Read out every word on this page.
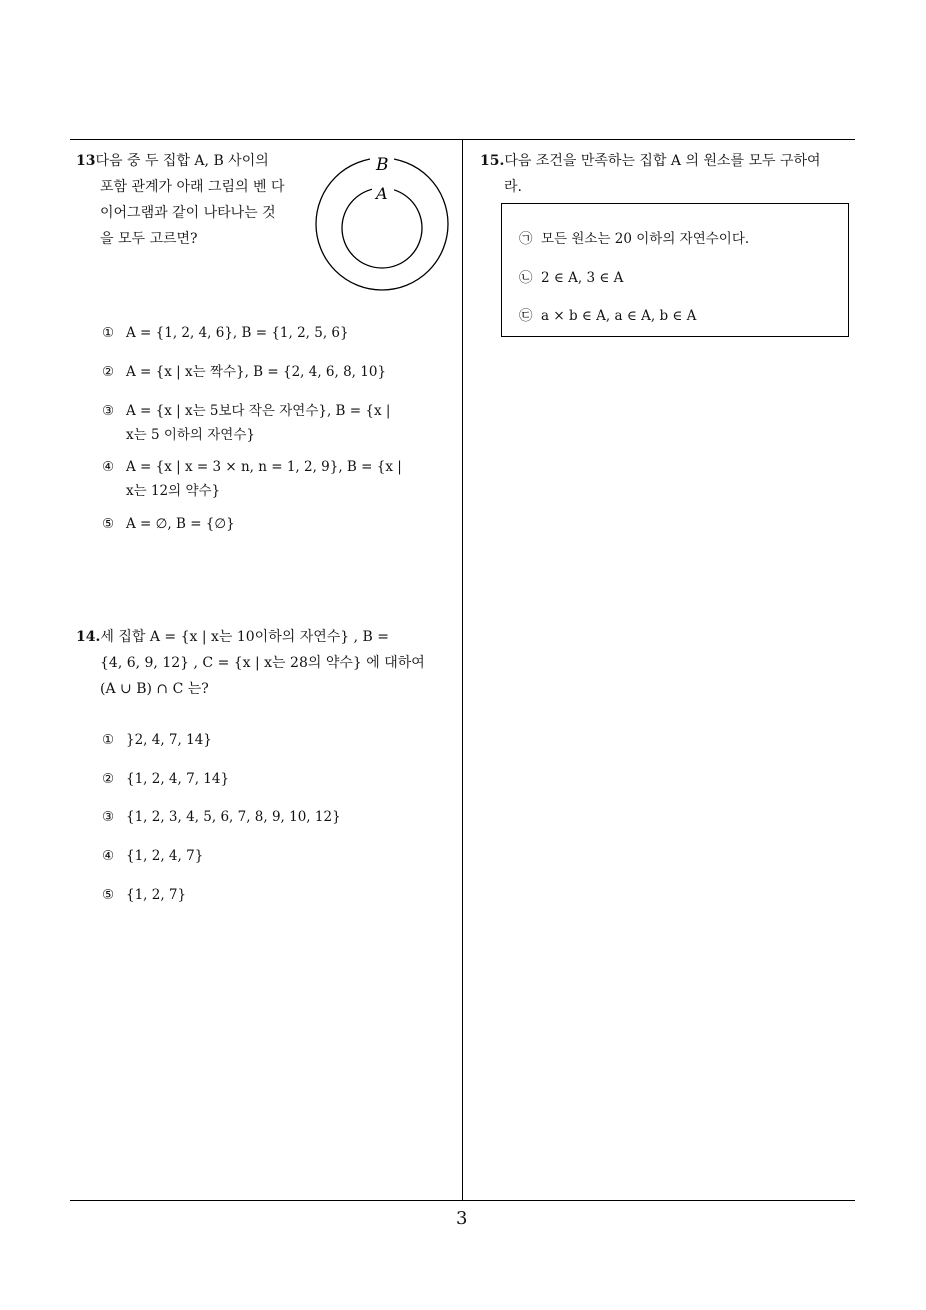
13다음 중 두 집합 A, B 사이의
포함 관계가 아래 그림의 벤 다
이어그램과 같이 나타나는 것
을 모두 고르면?
B
A
① A = {1, 2, 4, 6}, B = {1, 2, 5, 6}
② A = {x | x는 짝수}, B = {2, 4, 6, 8, 10}
③ A = {x | x는 5보다 작은 자연수}, B = {x |
x는 5 이하의 자연수}
④ A = {x | x = 3 × n, n = 1, 2, 9}, B = {x |
x는 12의 약수}
⑤ A = ∅, B = {∅}
14.세 집합 A = {x | x는 10이하의 자연수} , B =
{4, 6, 9, 12} , C = {x | x는 28의 약수} 에 대하여
(A ∪ B) ∩ C 는?
① }2, 4, 7, 14}
② {1, 2, 4, 7, 14}
③ {1, 2, 3, 4, 5, 6, 7, 8, 9, 10, 12}
④ {1, 2, 4, 7}
⑤ {1, 2, 7}
15.다음 조건을 만족하는 집합 A 의 원소를 모두 구하여
라.
㉠ 모든 원소는 20 이하의 자연수이다.
㉡ 2 ∈ A, 3 ∈ A
㉢ a × b ∈ A, a ∈ A, b ∈ A
3
